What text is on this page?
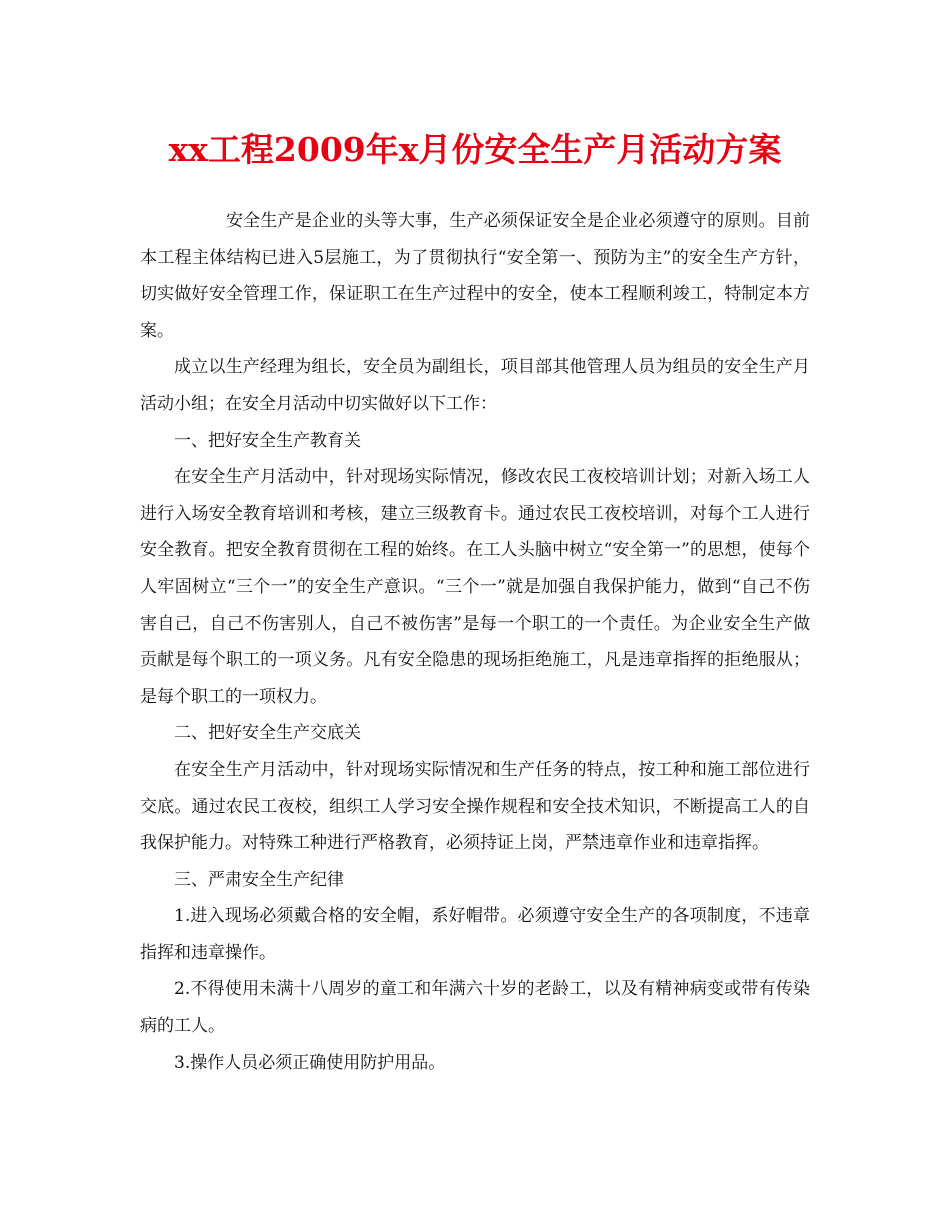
xx工程2009年x月份安全生产月活动方案

安全生产是企业的头等大事，生产必须保证安全是企业必须遵守的原则。目前本工程主体结构已进入5层施工，为了贯彻执行“安全第一、预防为主”的安全生产方针，切实做好安全管理工作，保证职工在生产过程中的安全，使本工程顺利竣工，特制定本方案。

成立以生产经理为组长，安全员为副组长，项目部其他管理人员为组员的安全生产月活动小组；在安全月活动中切实做好以下工作：

一、把好安全生产教育关

在安全生产月活动中，针对现场实际情况，修改农民工夜校培训计划；对新入场工人进行入场安全教育培训和考核，建立三级教育卡。通过农民工夜校培训，对每个工人进行安全教育。把安全教育贯彻在工程的始终。在工人头脑中树立“安全第一”的思想，使每个人牢固树立“三个一”的安全生产意识。“三个一”就是加强自我保护能力，做到“自己不伤害自己，自己不伤害别人，自己不被伤害”是每一个职工的一个责任。为企业安全生产做贡献是每个职工的一项义务。凡有安全隐患的现场拒绝施工，凡是违章指挥的拒绝服从；是每个职工的一项权力。

二、把好安全生产交底关

在安全生产月活动中，针对现场实际情况和生产任务的特点，按工种和施工部位进行交底。通过农民工夜校，组织工人学习安全操作规程和安全技术知识，不断提高工人的自我保护能力。对特殊工种进行严格教育，必须持证上岗，严禁违章作业和违章指挥。

三、严肃安全生产纪律

1.进入现场必须戴合格的安全帽，系好帽带。必须遵守安全生产的各项制度，不违章指挥和违章操作。

2.不得使用未满十八周岁的童工和年满六十岁的老龄工，以及有精神病变或带有传染病的工人。

3.操作人员必须正确使用防护用品。
